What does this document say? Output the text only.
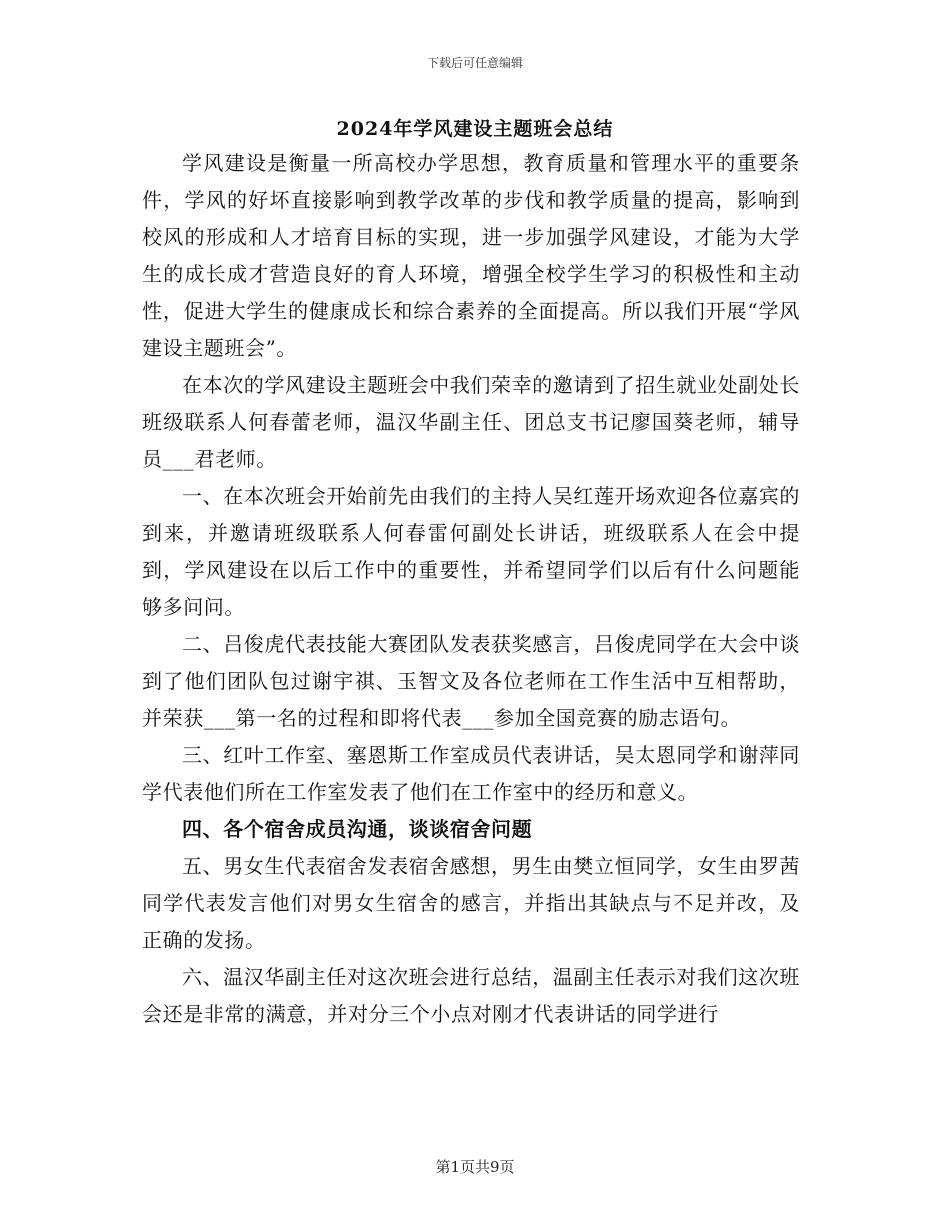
下载后可任意编辑
2024年学风建设主题班会总结

学风建设是衡量一所高校办学思想，教育质量和管理水平的重要条件，学风的好坏直接影响到教学改革的步伐和教学质量的提高，影响到校风的形成和人才培育目标的实现，进一步加强学风建设，才能为大学生的成长成才营造良好的育人环境，增强全校学生学习的积极性和主动性，促进大学生的健康成长和综合素养的全面提高。所以我们开展“学风建设主题班会”。

在本次的学风建设主题班会中我们荣幸的邀请到了招生就业处副处长班级联系人何春蕾老师，温汉华副主任、团总支书记廖国葵老师，辅导员___君老师。

一、在本次班会开始前先由我们的主持人吴红莲开场欢迎各位嘉宾的到来，并邀请班级联系人何春雷何副处长讲话，班级联系人在会中提到，学风建设在以后工作中的重要性，并希望同学们以后有什么问题能够多问问。

二、吕俊虎代表技能大赛团队发表获奖感言，吕俊虎同学在大会中谈到了他们团队包过谢宇祺、玉智文及各位老师在工作生活中互相帮助，并荣获___第一名的过程和即将代表___参加全国竞赛的励志语句。

三、红叶工作室、塞恩斯工作室成员代表讲话，吴太恩同学和谢萍同学代表他们所在工作室发表了他们在工作室中的经历和意义。

四、各个宿舍成员沟通，谈谈宿舍问题

五、男女生代表宿舍发表宿舍感想，男生由樊立恒同学，女生由罗茜同学代表发言他们对男女生宿舍的感言，并指出其缺点与不足并改，及正确的发扬。

六、温汉华副主任对这次班会进行总结，温副主任表示对我们这次班会还是非常的满意，并对分三个小点对刚才代表讲话的同学进行

第1页共9页
